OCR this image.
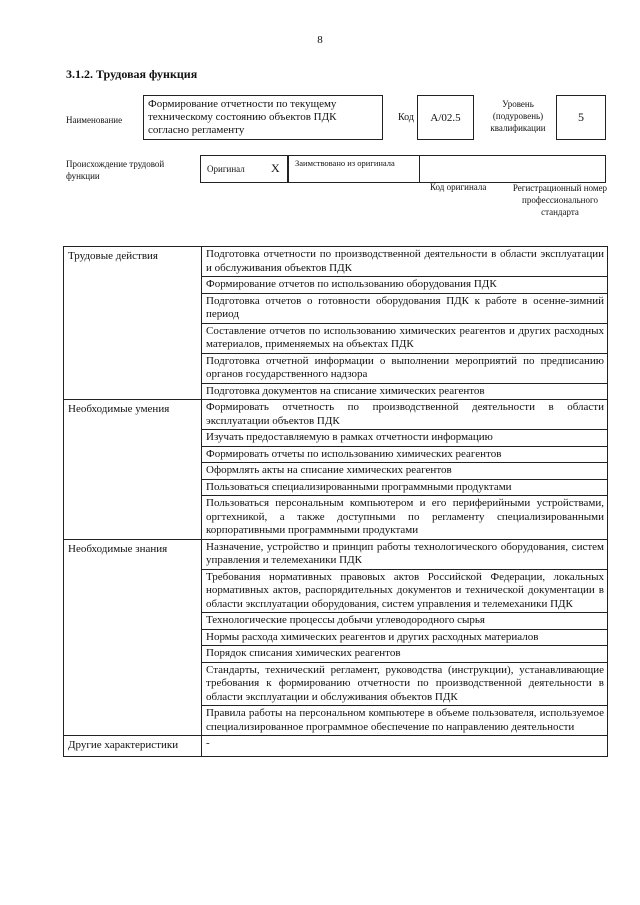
8
3.1.2. Трудовая функция
Наименование
Формирование отчетности по текущему техническому состоянию объектов ПДК согласно регламенту
Код	A/02.5
Уровень (подуровень) квалификации
5
Происхождение трудовой функции
Оригинал X	Заимствовано из оригинала
Код оригинала	Регистрационный номер профессионального стандарта
Трудовые действия	Подготовка отчетности по производственной деятельности в области эксплуатации и обслуживания объектов ПДК
	Формирование отчетов по использованию оборудования ПДК
	Подготовка отчетов о готовности оборудования ПДК к работе в осенне-зимний период
	Составление отчетов по использованию химических реагентов и других расходных материалов, применяемых на объектах ПДК
	Подготовка отчетной информации о выполнении мероприятий по предписанию органов государственного надзора
	Подготовка документов на списание химических реагентов
Необходимые умения	Формировать отчетность по производственной деятельности в области эксплуатации объектов ПДК
	Изучать предоставляемую в рамках отчетности информацию
	Формировать отчеты по использованию химических реагентов
	Оформлять акты на списание химических реагентов
	Пользоваться специализированными программными продуктами
	Пользоваться персональным компьютером и его периферийными устройствами, оргтехникой, а также доступными по регламенту специализированными корпоративными программными продуктами
Необходимые знания	Назначение, устройство и принцип работы технологического оборудования, систем управления и телемеханики ПДК
	Требования нормативных правовых актов Российской Федерации, локальных нормативных актов, распорядительных документов и технической документации в области эксплуатации оборудования, систем управления и телемеханики ПДК
	Технологические процессы добычи углеводородного сырья
	Нормы расхода химических реагентов и других расходных материалов
	Порядок списания химических реагентов
	Стандарты, технический регламент, руководства (инструкции), устанавливающие требования к формированию отчетности по производственной деятельности в области эксплуатации и обслуживания объектов ПДК
	Правила работы на персональном компьютере в объеме пользователя, используемое специализированное программное обеспечение по направлению деятельности
Другие характеристики	-
